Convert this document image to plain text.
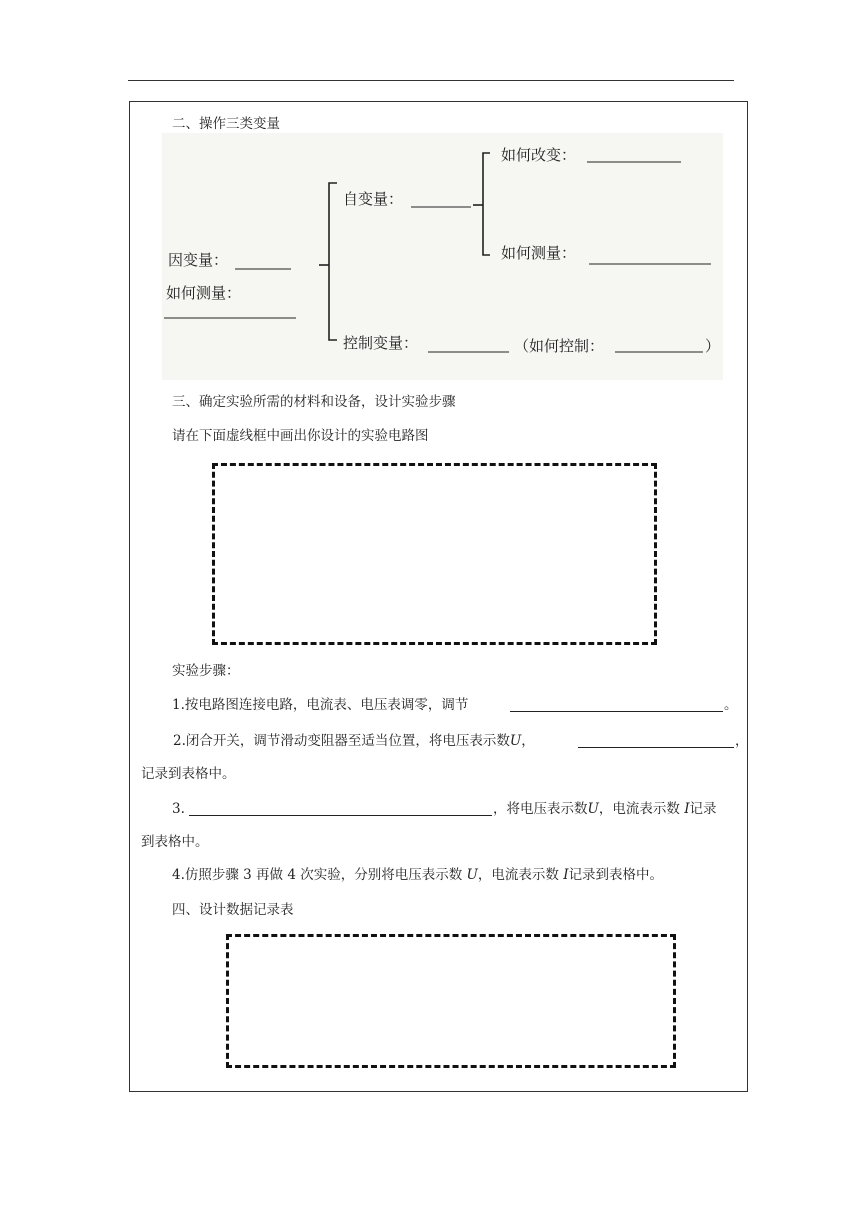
二、操作三类变量
因变量：
如何测量：
自变量：
如何改变：
如何测量：
控制变量：	（如何控制：	）
三、确定实验所需的材料和设备，设计实验步骤
请在下面虚线框中画出你设计的实验电路图
实验步骤：
1.按电路图连接电路，电流表、电压表调零，调节	。
2.闭合开关，调节滑动变阻器至适当位置，将电压表示数U，	，
记录到表格中。
3.	，将电压表示数U，电流表示数 I记录
到表格中。
4.仿照步骤 3 再做 4 次实验，分别将电压表示数 U，电流表示数 I记录到表格中。
四、设计数据记录表
